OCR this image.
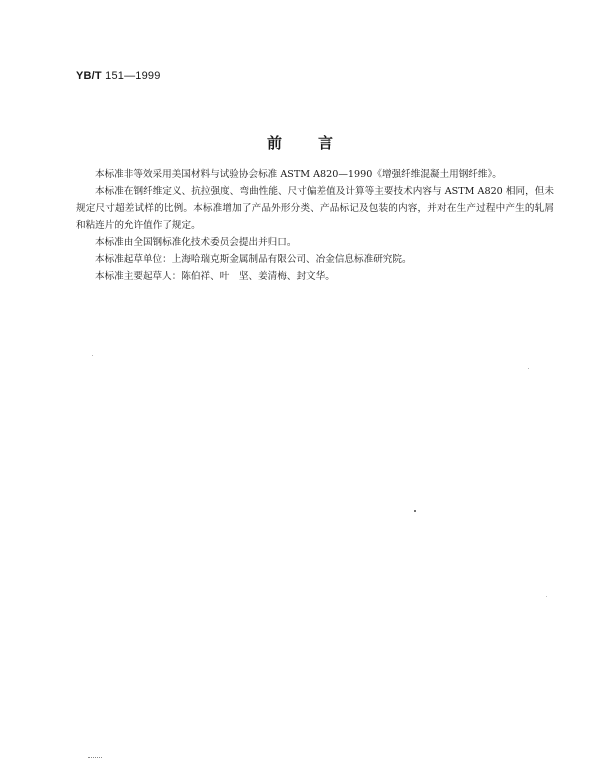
YB/T 151—1999
前言

本标准非等效采用美国材料与试验协会标准 ASTM A820—1990《增强纤维混凝土用钢纤维》。

本标准在钢纤维定义、抗拉强度、弯曲性能、尺寸偏差值及计算等主要技术内容与 ASTM A820 相同，但未规定尺寸超差试样的比例。本标准增加了产品外形分类、产品标记及包装的内容，并对在生产过程中产生的轧屑和粘连片的允许值作了规定。

本标准由全国钢标准化技术委员会提出并归口。

本标准起草单位：上海哈瑞克斯金属制品有限公司、冶金信息标准研究院。

本标准主要起草人：陈伯祥、叶　坚、姜清梅、封文华。
